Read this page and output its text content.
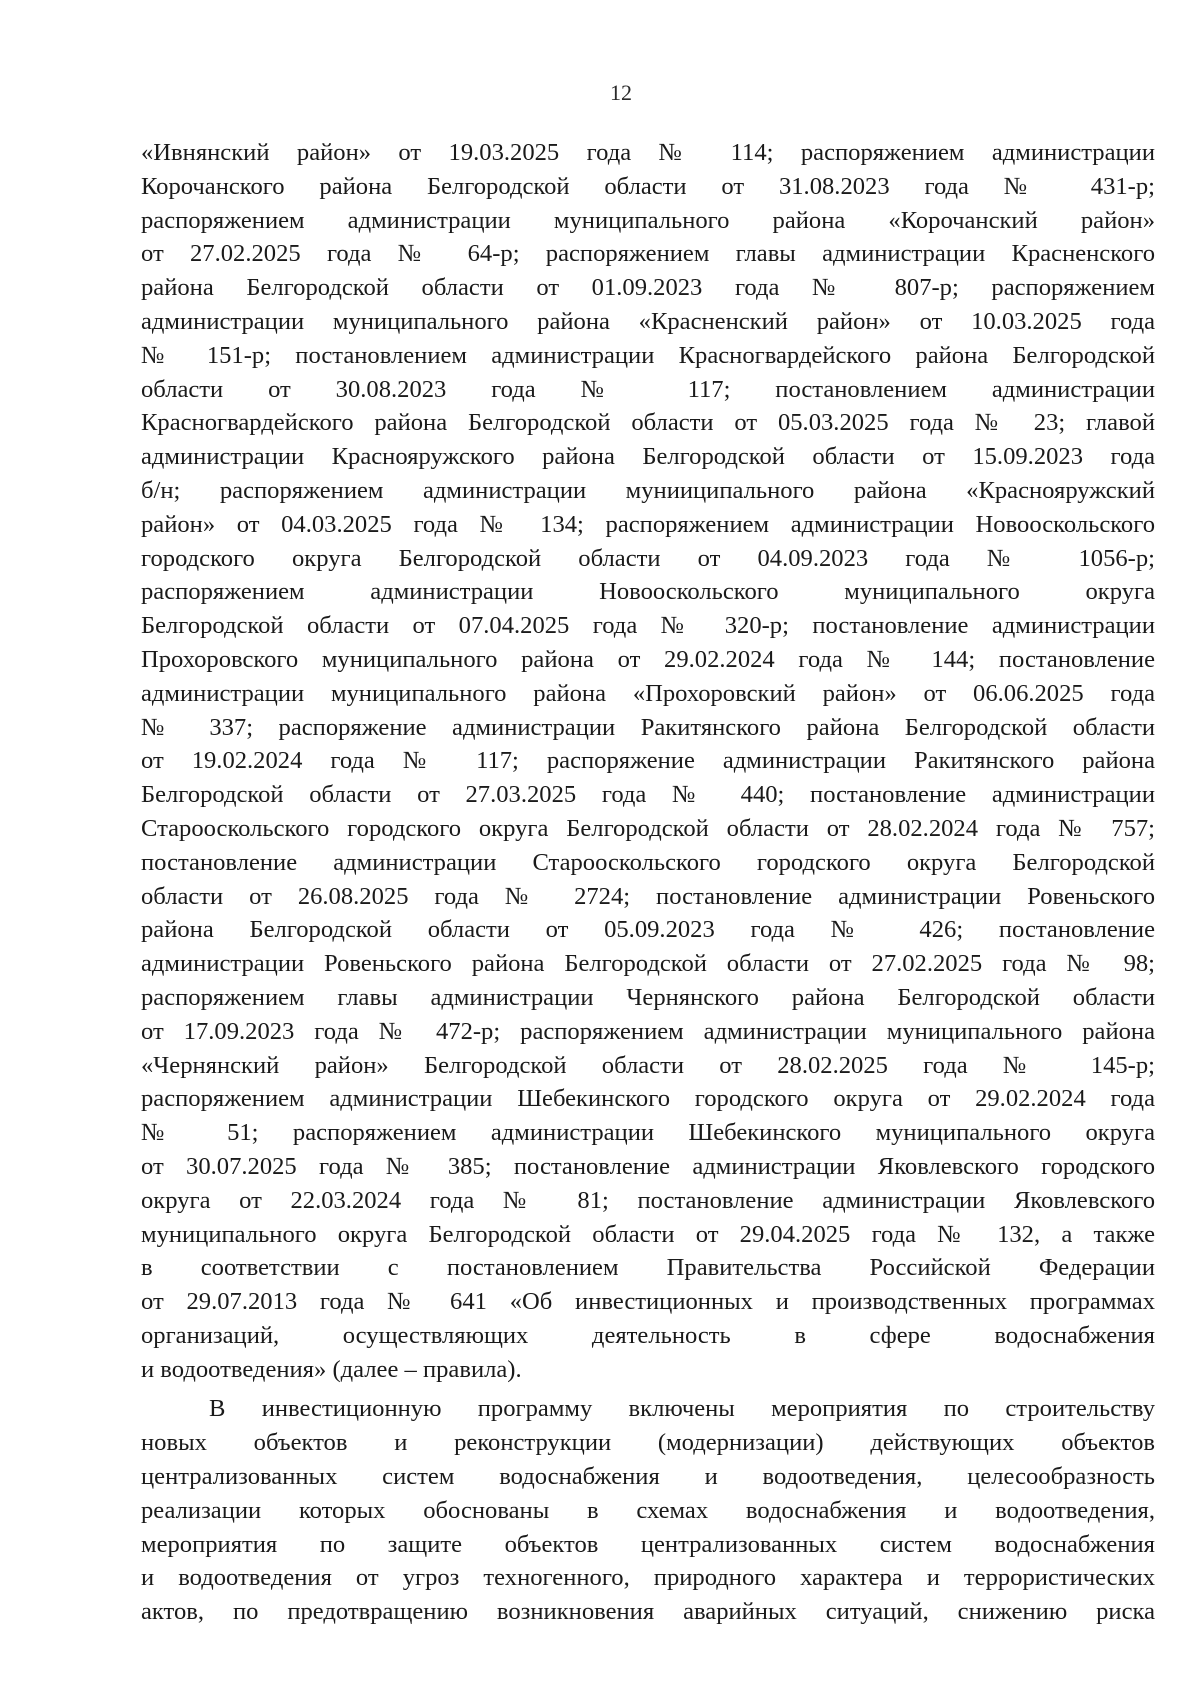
12
«Ивнянский район» от 19.03.2025 года № 114; распоряжением администрации
Корочанского района Белгородской области от 31.08.2023 года № 431-р;
распоряжением администрации муниципального района «Корочанский район»
от 27.02.2025 года № 64-р; распоряжением главы администрации Красненского
района Белгородской области от 01.09.2023 года № 807-р; распоряжением
администрации муниципального района «Красненский район» от 10.03.2025 года
№ 151-р; постановлением администрации Красногвардейского района Белгородской
области от 30.08.2023 года № 117; постановлением администрации
Красногвардейского района Белгородской области от 05.03.2025 года № 23; главой
администрации Краснояружского района Белгородской области от 15.09.2023 года
б/н; распоряжением администрации мунииципального района «Краснояружский
район» от 04.03.2025 года № 134; распоряжением администрации Новооскольского
городского округа Белгородской области от 04.09.2023 года № 1056-р;
распоряжением администрации Новооскольского муниципального округа
Белгородской области от 07.04.2025 года № 320-р; постановление администрации
Прохоровского муниципального района от 29.02.2024 года № 144; постановление
администрации муниципального района «Прохоровский район» от 06.06.2025 года
№ 337; распоряжение администрации Ракитянского района Белгородской области
от 19.02.2024 года № 117; распоряжение администрации Ракитянского района
Белгородской области от 27.03.2025 года № 440; постановление администрации
Старооскольского городского округа Белгородской области от 28.02.2024 года № 757;
постановление администрации Старооскольского городского округа Белгородской
области от 26.08.2025 года № 2724; постановление администрации Ровеньского
района Белгородской области от 05.09.2023 года № 426; постановление
администрации Ровеньского района Белгородской области от 27.02.2025 года № 98;
распоряжением главы администрации Чернянского района Белгородской области
от 17.09.2023 года № 472-р; распоряжением администрации муниципального района
«Чернянский район» Белгородской области от 28.02.2025 года № 145-р;
распоряжением администрации Шебекинского городского округа от 29.02.2024 года
№ 51; распоряжением администрации Шебекинского муниципального округа
от 30.07.2025 года № 385; постановление администрации Яковлевского городского
округа от 22.03.2024 года № 81; постановление администрации Яковлевского
муниципального округа Белгородской области от 29.04.2025 года № 132, а также
в соответствии с постановлением Правительства Российской Федерации
от 29.07.2013 года № 641 «Об инвестиционных и производственных программах
организаций, осуществляющих деятельность в сфере водоснабжения
и водоотведения» (далее – правила).
В инвестиционную программу включены мероприятия по строительству
новых объектов и реконструкции (модернизации) действующих объектов
централизованных систем водоснабжения и водоотведения, целесообразность
реализации которых обоснованы в схемах водоснабжения и водоотведения,
мероприятия по защите объектов централизованных систем водоснабжения
и водоотведения от угроз техногенного, природного характера и террористических
актов, по предотвращению возникновения аварийных ситуаций, снижению риска
